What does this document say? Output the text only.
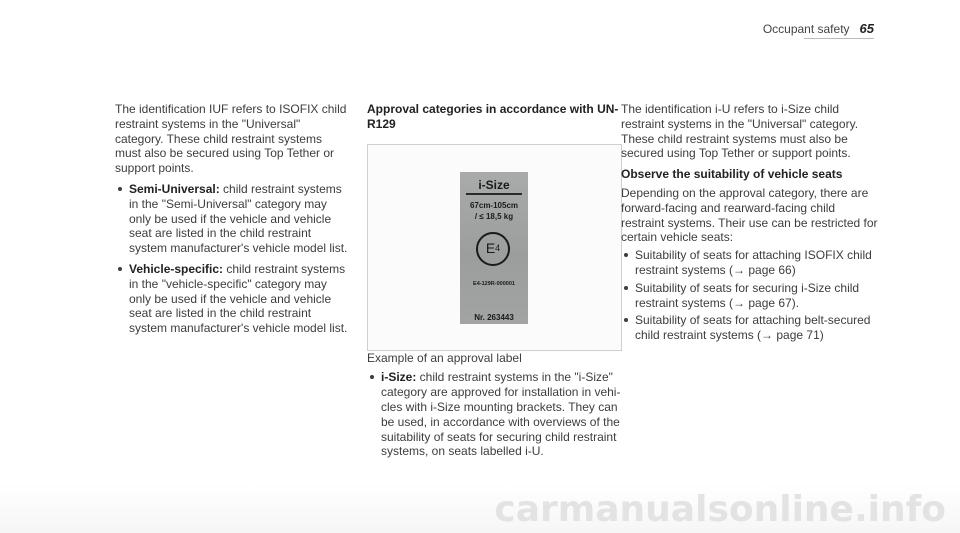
Occupant safety 65

The identification IUF refers to ISOFIX child restraint systems in the "Universal" category. These child restraint systems must also be secured using Top Tether or support points.

Semi-Universal: child restraint systems in the "Semi-Universal" category may only be used if the vehicle and vehicle seat are listed in the child restraint system manufacturer's vehicle model list.
Vehicle-specific: child restraint systems in the "vehicle-specific" category may only be used if the vehicle and vehicle seat are listed in the child restraint system manufacturer's vehicle model list.

Approval categories in accordance with UN-R129

i-Size
67cm-105cm
/ ≤ 18,5 kg
E 4
E4-129R-000001
Nr. 263443

Example of an approval label

i-Size: child restraint systems in the "i-Size" category are approved for installation in vehi-cles with i-Size mounting brackets. They can be used, in accordance with overviews of the suitability of seats for securing child restraint systems, on seats labelled i-U.

The identification i-U refers to i-Size child restraint systems in the "Universal" category. These child restraint systems must also be secured using Top Tether or support points.

Observe the suitability of vehicle seats

Depending on the approval category, there are forward-facing and rearward-facing child restraint systems. Their use can be restricted for certain vehicle seats:

Suitability of seats for attaching ISOFIX child restraint systems (→ page 66)
Suitability of seats for securing i-Size child restraint systems (→ page 67).
Suitability of seats for attaching belt-secured child restraint systems (→ page 71)
carmanualsonline.info
